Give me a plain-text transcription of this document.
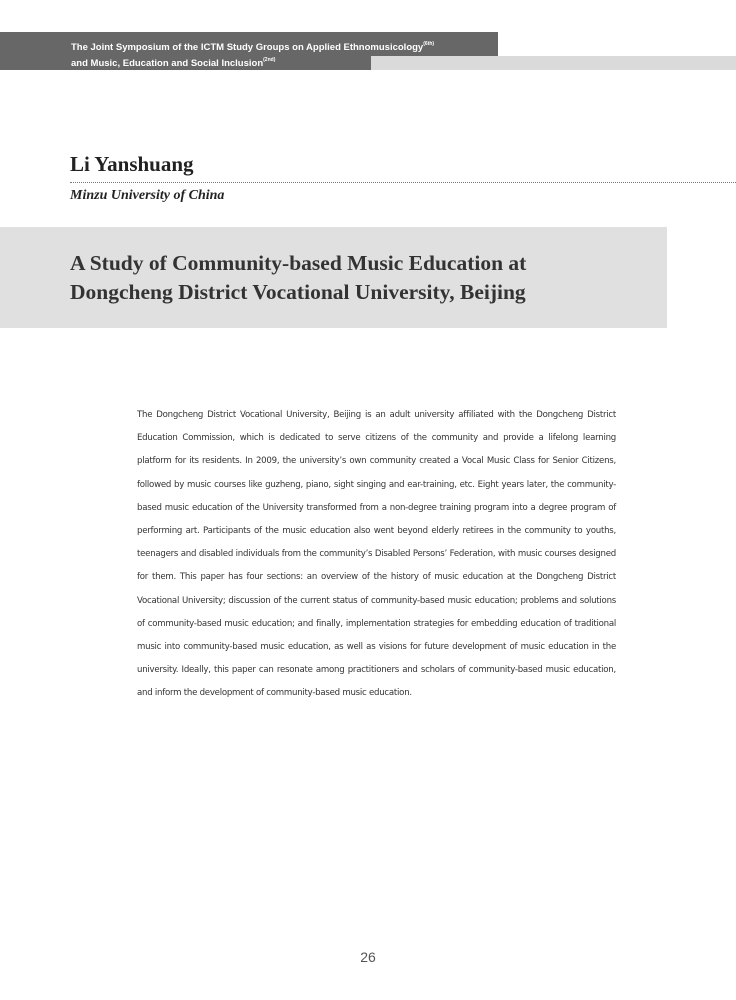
The Joint Symposium of the ICTM Study Groups on Applied Ethnomusicology$^{(6th)}$
and Music, Education and Social Inclusion$^{(2nd)}$
Li Yanshuang
Minzu University of China
A Study of Community-based Music Education at
Dongcheng District Vocational University, Beijing
The Dongcheng District Vocational University, Beijing is an adult university affiliated with the Dongcheng District Education Commission, which is dedicated to serve citizens of the community and provide a lifelong learning platform for its residents. In 2009, the university’s own community created a Vocal Music Class for Senior Citizens, followed by music courses like guzheng, piano, sight singing and ear-training, etc. Eight years later, the community-based music education of the University transformed from a non-degree training program into a degree program of performing art. Participants of the music education also went beyond elderly retirees in the community to youths, teenagers and disabled individuals from the community’s Disabled Persons’ Federation, with music courses designed for them. This paper has four sections: an overview of the history of music education at the Dongcheng District Vocational University; discussion of the current status of community-based music education; problems and solutions of community-based music education; and finally, implementation strategies for embedding education of traditional music into community-based music education, as well as visions for future development of music education in the university. Ideally, this paper can resonate among practitioners and scholars of community-based music education, and inform the development of community-based music education.
26
